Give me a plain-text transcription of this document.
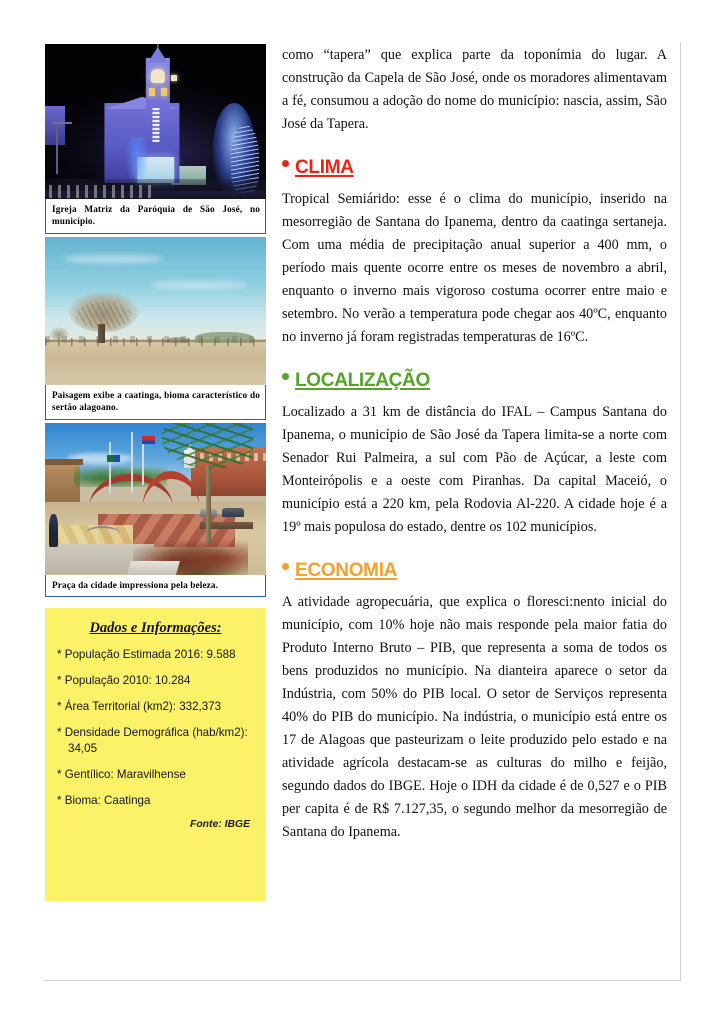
Igreja Matriz da Paróquia de São José, no município.
Paisagem exibe a caatinga, bioma característico do sertão alagoano.
Praça da cidade impressiona pela beleza.
Dados e Informações:
* População Estimada 2016: 9.588
* População 2010: 10.284
* Área Territorial (km2): 332,373
* Densidade Demográfica (hab/km2): 34,05
* Gentílico: Maravilhense
* Bioma: Caatinga
Fonte: IBGE

como “tapera” que explica parte da toponímia do lugar. A construção da Capela de São José, onde os moradores alimentavam a fé, consumou a adoção do nome do município: nascia, assim, São José da Tapera.

CLIMA

Tropical Semiárido: esse é o clima do município, inserido na mesorregião de Santana do Ipanema, dentro da caatinga sertaneja. Com uma média de precipitação anual superior a 400 mm, o período mais quente ocorre entre os meses de novembro a abril, enquanto o inverno mais vigoroso costuma ocorrer entre maio e setembro. No verão a temperatura pode chegar aos 40ºC, enquanto no inverno já foram registradas temperaturas de 16ºC.

LOCALIZAÇÃO

Localizado a 31 km de distância do IFAL – Campus Santana do Ipanema, o município de São José da Tapera limita-se a norte com Senador Rui Palmeira, a sul com Pão de Açúcar, a leste com Monteirópolis e a oeste com Piranhas. Da capital Maceió, o município está a 220 km, pela Rodovia Al-220. A cidade hoje é a 19º mais populosa do estado, dentre os 102 municípios.

ECONOMIA

A atividade agropecuária, que explica o floresci:nento inicial do município, com 10% hoje não mais responde pela maior fatia do Produto Interno Bruto – PIB, que representa a soma de todos os bens produzidos no município. Na dianteira aparece o setor da Indústria, com 50% do PIB local. O setor de Serviços representa 40% do PIB do município. Na indústria, o município está entre os 17 de Alagoas que pasteurizam o leite produzido pelo estado e na atividade agrícola destacam-se as culturas do milho e feijão, segundo dados do IBGE. Hoje o IDH da cidade é de 0,527 e o PIB per capita é de R$ 7.127,35, o segundo melhor da mesorregião de Santana do Ipanema.
